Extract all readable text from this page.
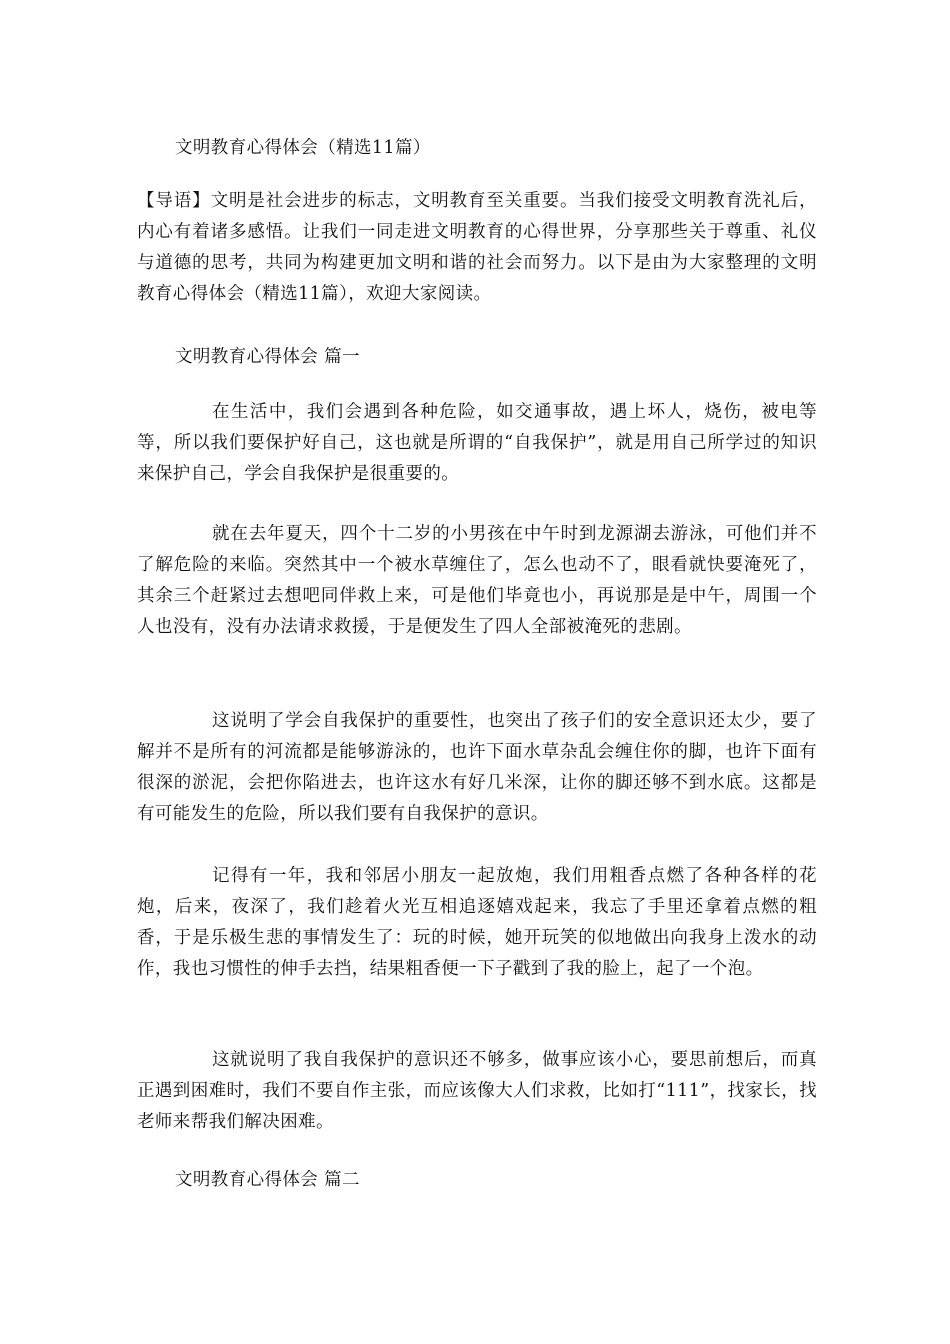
文明教育心得体会（精选11篇）
【导语】文明是社会进步的标志，文明教育至关重要。当我们接受文明教育洗礼后，内心有着诸多感悟。让我们一同走进文明教育的心得世界，分享那些关于尊重、礼仪与道德的思考，共同为构建更加文明和谐的社会而努力。以下是由为大家整理的文明教育心得体会（精选11篇），欢迎大家阅读。
文明教育心得体会 篇一
在生活中，我们会遇到各种危险，如交通事故，遇上坏人，烧伤，被电等等，所以我们要保护好自己，这也就是所谓的“自我保护”，就是用自己所学过的知识来保护自己，学会自我保护是很重要的。
就在去年夏天，四个十二岁的小男孩在中午时到龙源湖去游泳，可他们并不了解危险的来临。突然其中一个被水草缠住了，怎么也动不了，眼看就快要淹死了，其余三个赶紧过去想吧同伴救上来，可是他们毕竟也小，再说那是是中午，周围一个人也没有，没有办法请求救援，于是便发生了四人全部被淹死的悲剧。
这说明了学会自我保护的重要性，也突出了孩子们的安全意识还太少，要了解并不是所有的河流都是能够游泳的，也许下面水草杂乱会缠住你的脚，也许下面有很深的淤泥，会把你陷进去，也许这水有好几米深，让你的脚还够不到水底。这都是有可能发生的危险，所以我们要有自我保护的意识。
记得有一年，我和邻居小朋友一起放炮，我们用粗香点燃了各种各样的花炮，后来，夜深了，我们趁着火光互相追逐嬉戏起来，我忘了手里还拿着点燃的粗香，于是乐极生悲的事情发生了：玩的时候，她开玩笑的似地做出向我身上泼水的动作，我也习惯性的伸手去挡，结果粗香便一下子戳到了我的脸上，起了一个泡。
这就说明了我自我保护的意识还不够多，做事应该小心，要思前想后，而真正遇到困难时，我们不要自作主张，而应该像大人们求救，比如打“111”，找家长，找老师来帮我们解决困难。
文明教育心得体会 篇二
